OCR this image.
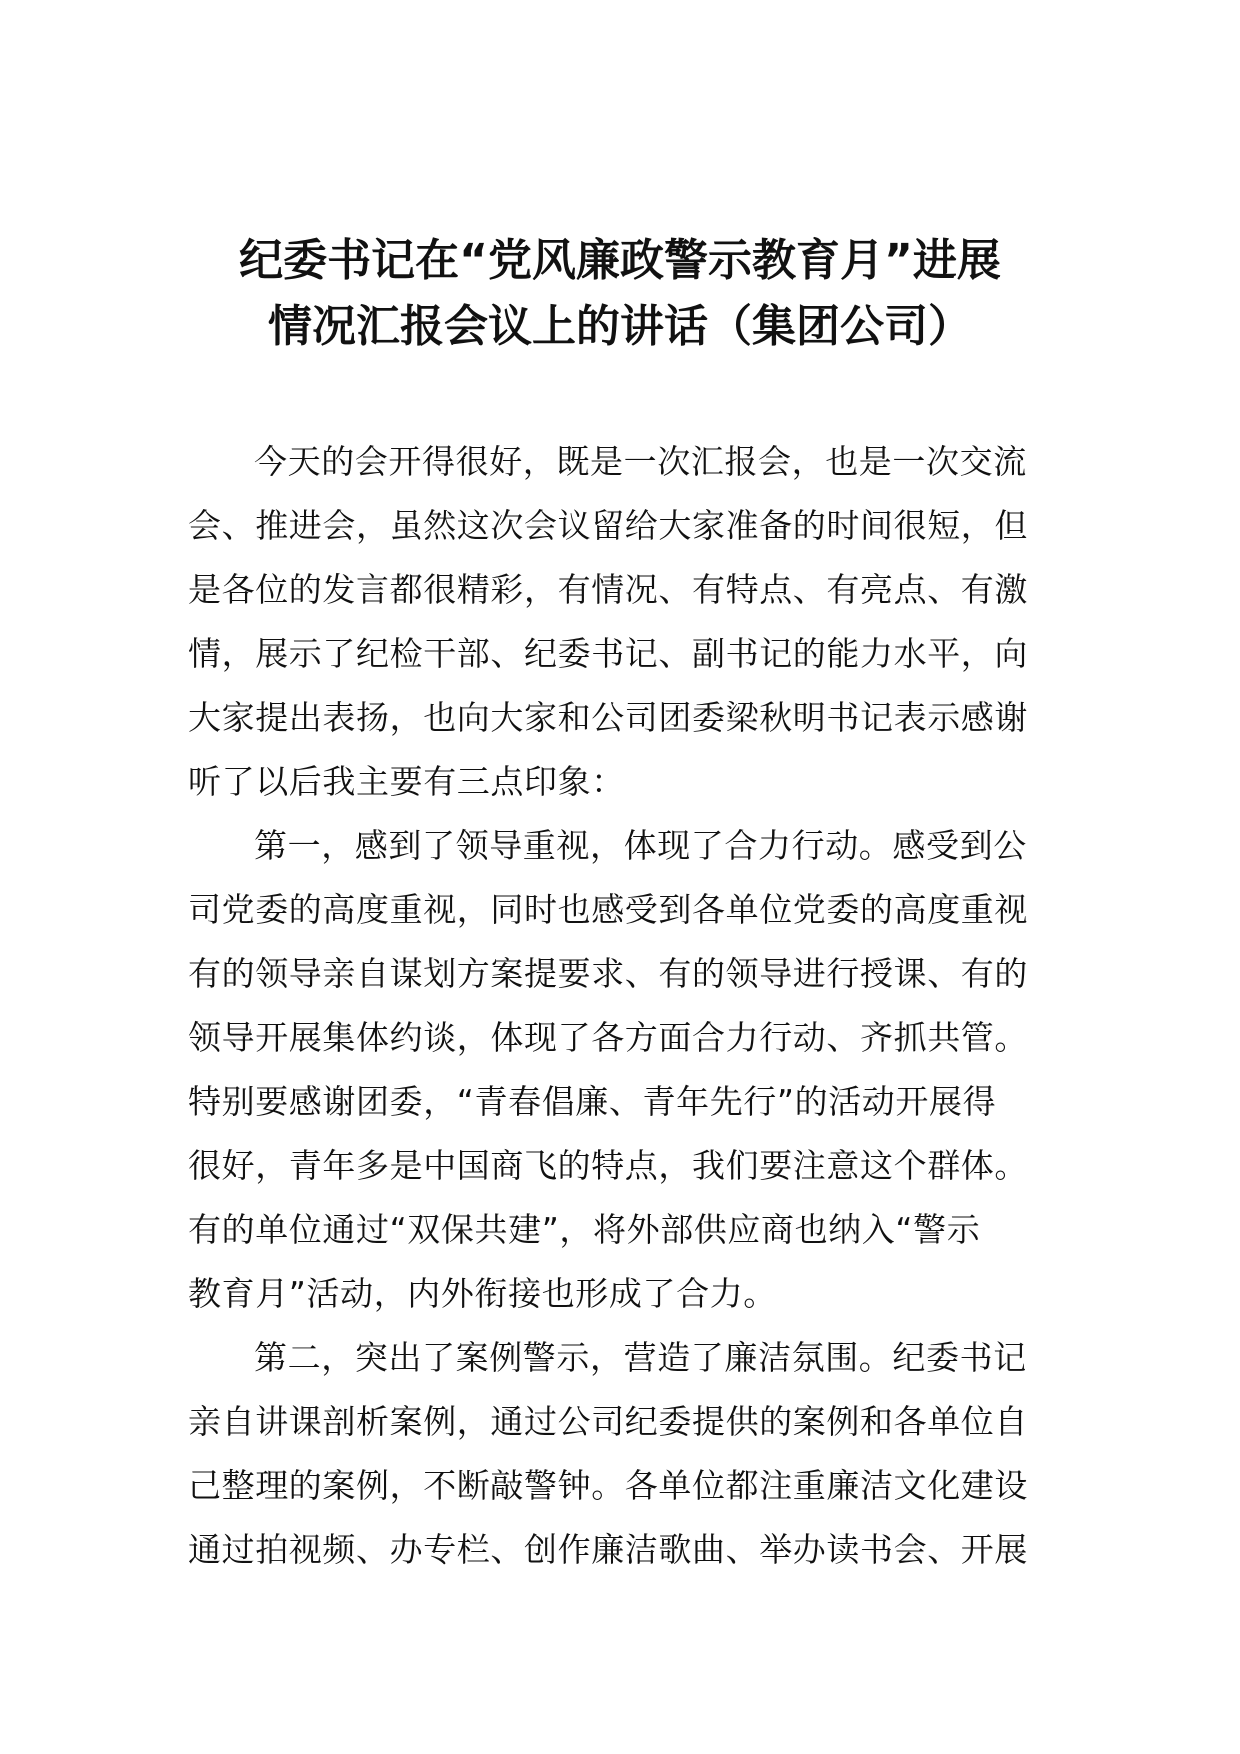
纪委书记在“党风廉政警示教育月”进展
情况汇报会议上的讲话（集团公司）
今天的会开得很好，既是一次汇报会，也是一次交流
会、推进会，虽然这次会议留给大家准备的时间很短，但
是各位的发言都很精彩，有情况、有特点、有亮点、有激
情，展示了纪检干部、纪委书记、副书记的能力水平，向
大家提出表扬，也向大家和公司团委梁秋明书记表示感谢
听了以后我主要有三点印象：
第一，感到了领导重视，体现了合力行动。感受到公
司党委的高度重视，同时也感受到各单位党委的高度重视
有的领导亲自谋划方案提要求、有的领导进行授课、有的
领导开展集体约谈，体现了各方面合力行动、齐抓共管。
特别要感谢团委，“青春倡廉、青年先行”的活动开展得
很好，青年多是中国商飞的特点，我们要注意这个群体。
有的单位通过“双保共建”，将外部供应商也纳入“警示
教育月”活动，内外衔接也形成了合力。
第二，突出了案例警示，营造了廉洁氛围。纪委书记
亲自讲课剖析案例，通过公司纪委提供的案例和各单位自
己整理的案例，不断敲警钟。各单位都注重廉洁文化建设
通过拍视频、办专栏、创作廉洁歌曲、举办读书会、开展
